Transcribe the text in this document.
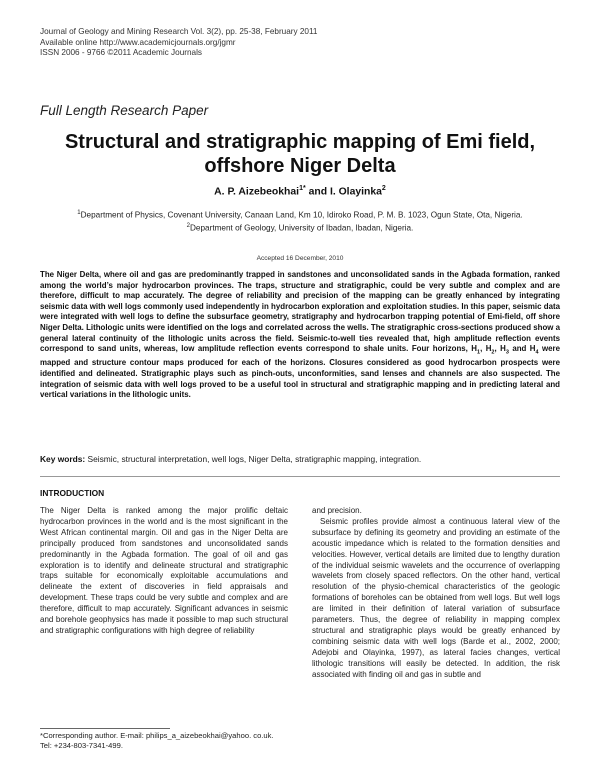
Journal of Geology and Mining Research Vol. 3(2), pp. 25-38, February 2011
Available online http://www.academicjournals.org/jgmr
ISSN 2006 - 9766 ©2011 Academic Journals
Full Length Research Paper
Structural and stratigraphic mapping of Emi field,
offshore Niger Delta
A. P. Aizebeokhai$^{1*}$ and I. Olayinka$^2$
$^1$Department of Physics, Covenant University, Canaan Land, Km 10, Idiroko Road, P. M. B. 1023, Ogun State, Ota, Nigeria.
$^2$Department of Geology, University of Ibadan, Ibadan, Nigeria.
Accepted 16 December, 2010
The Niger Delta, where oil and gas are predominantly trapped in sandstones and unconsolidated sands in the Agbada formation, ranked among the world’s major hydrocarbon provinces. The traps, structure and stratigraphic, could be very subtle and complex and are therefore, difficult to map accurately. The degree of reliability and precision of the mapping can be greatly enhanced by integrating seismic data with well logs commonly used independently in hydrocarbon exploration and exploitation studies. In this paper, seismic data were integrated with well logs to define the subsurface geometry, stratigraphy and hydrocarbon trapping potential of Emi-field, off shore Niger Delta. Lithologic units were identified on the logs and correlated across the wells. The stratigraphic cross-sections produced show a general lateral continuity of the lithologic units across the field. Seismic-to-well ties revealed that, high amplitude reflection events correspond to sand units, whereas, low amplitude reflection events correspond to shale units. Four horizons, $H_1$, $H_2$, $H_3$ and $H_4$ were mapped and structure contour maps produced for each of the horizons. Closures considered as good hydrocarbon prospects were identified and delineated. Stratigraphic plays such as pinch-outs, unconformities, sand lenses and channels are also suspected. The integration of seismic data with well logs proved to be a useful tool in structural and stratigraphic mapping and in predicting lateral and vertical variations in the lithologic units.
Key words: Seismic, structural interpretation, well logs, Niger Delta, stratigraphic mapping, integration.
INTRODUCTION

The Niger Delta is ranked among the major prolific deltaic hydrocarbon provinces in the world and is the most significant in the West African continental margin. Oil and gas in the Niger Delta are principally produced from sandstones and unconsolidated sands predominantly in the Agbada formation. The goal of oil and gas exploration is to identify and delineate structural and stratigraphic traps suitable for economically exploitable accumulations and delineate the extent of discoveries in field appraisals and development. These traps could be very subtle and complex and are therefore, difficult to map accurately. Significant advances in seismic and borehole geophysics has made it possible to map such structural and stratigraphic configurations with high degree of reliability

and precision.

Seismic profiles provide almost a continuous lateral view of the subsurface by defining its geometry and providing an estimate of the acoustic impedance which is related to the formation densities and velocities. However, vertical details are limited due to lengthy duration of the individual seismic wavelets and the occurrence of overlapping wavelets from closely spaced reflectors. On the other hand, vertical resolution of the physio-chemical characteristics of the geologic formations of boreholes can be obtained from well logs. But well logs are limited in their definition of lateral variation of subsurface parameters. Thus, the degree of reliability in mapping complex structural and stratigraphic plays would be greatly enhanced by combining seismic data with well logs (Barde et al., 2002, 2000; Adejobi and Olayinka, 1997), as lateral facies changes, vertical lithologic transitions will easily be detected. In addition, the risk associated with finding oil and gas in subtle and

*Corresponding author. E-mail: philips_a_aizebeokhai@yahoo. co.uk. Tel: +234-803-7341-499.
